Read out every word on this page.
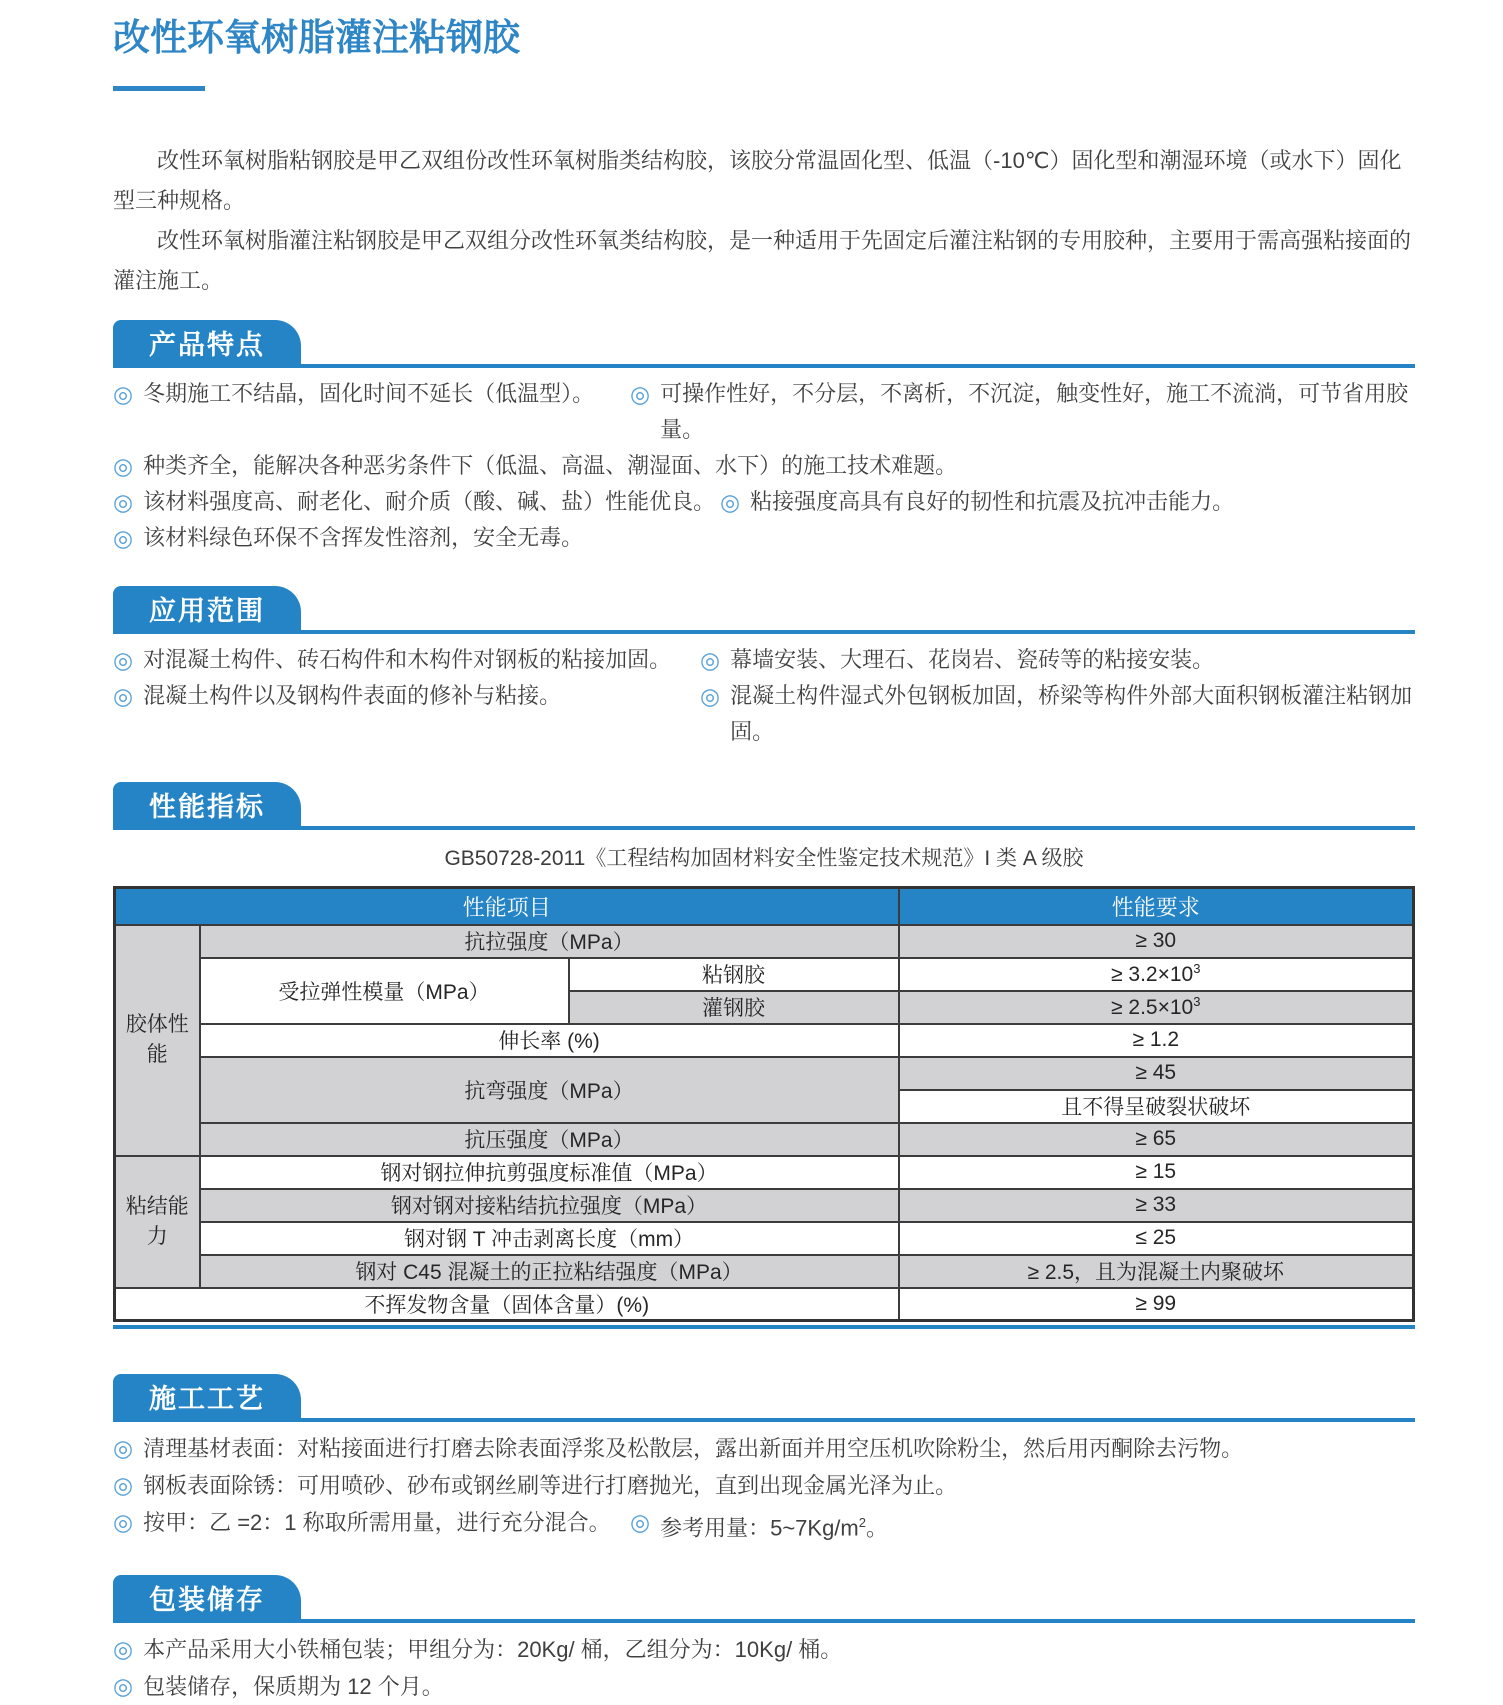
改性环氧树脂灌注粘钢胶

改性环氧树脂粘钢胶是甲乙双组份改性环氧树脂类结构胶，该胶分常温固化型、低温（-10℃）固化型和潮湿环境（或水下）固化型三种规格。

改性环氧树脂灌注粘钢胶是甲乙双组分改性环氧类结构胶，是一种适用于先固定后灌注粘钢的专用胶种，主要用于需高强粘接面的灌注施工。

产品特点
◎ 冬期施工不结晶，固化时间不延长（低温型）。 ◎ 可操作性好，不分层，不离析，不沉淀，触变性好，施工不流淌，可节省用胶量。
◎ 种类齐全，能解决各种恶劣条件下（低温、高温、潮湿面、水下）的施工技术难题。
◎ 该材料强度高、耐老化、耐介质（酸、碱、盐）性能优良。 ◎ 粘接强度高具有良好的韧性和抗震及抗冲击能力。
◎ 该材料绿色环保不含挥发性溶剂，安全无毒。
应用范围
◎ 对混凝土构件、砖石构件和木构件对钢板的粘接加固。 ◎ 幕墙安装、大理石、花岗岩、瓷砖等的粘接安装。
◎ 混凝土构件以及钢构件表面的修补与粘接。	◎ 混凝土构件湿式外包钢板加固，桥梁等构件外部大面积钢板灌注粘钢加固。
性能指标
GB50728-2011《工程结构加固材料安全性鉴定技术规范》I 类 A 级胶
性能项目			性能要求
胶体性能	抗拉强度（MPa）		≥ 30
	受拉弹性模量（MPa）	粘钢胶	≥ $3.2\times 10^3$
		灌钢胶	≥ $2.5\times 10^3$
	伸长率 (%)		≥ 1.2
	抗弯强度（MPa）		≥ 45
			且不得呈破裂状破坏
	抗压强度（MPa）		≥ 65
粘结能力	钢对钢拉伸抗剪强度标准值（MPa）		≥ 15
	钢对钢对接粘结抗拉强度（MPa）		≥ 33
	钢对钢 T 冲击剥离长度（mm）		≤ 25
	钢对 C45 混凝土的正拉粘结强度（MPa）		≥ 2.5，且为混凝土内聚破坏
不挥发物含量（固体含量）(%)			≥ 99
施工工艺
◎ 清理基材表面：对粘接面进行打磨去除表面浮浆及松散层，露出新面并用空压机吹除粉尘，然后用丙酮除去污物。
◎ 钢板表面除锈：可用喷砂、砂布或钢丝刷等进行打磨抛光，直到出现金属光泽为止。
◎ 按甲：乙 =2：1 称取所需用量，进行充分混合。 ◎ 参考用量：$5\sim 7Kg/m^2$。
包装储存
◎ 本产品采用大小铁桶包装；甲组分为：20Kg/ 桶，乙组分为：10Kg/ 桶。
◎ 包装储存，保质期为 12 个月。
